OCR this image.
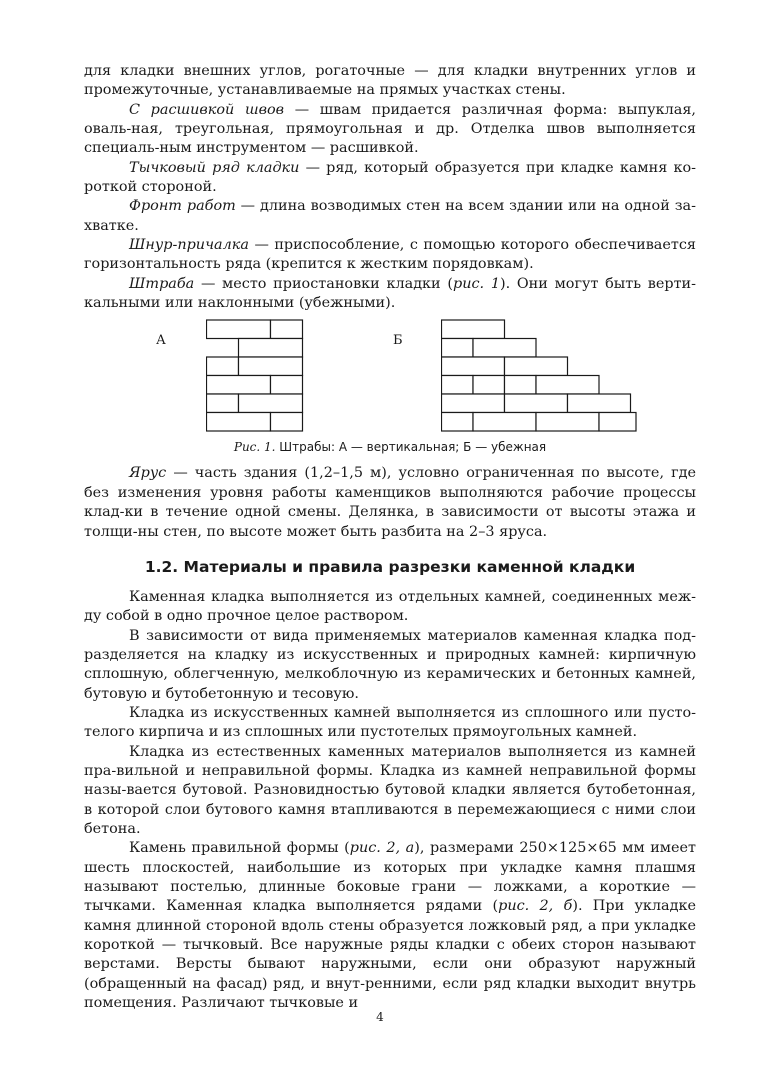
для кладки внешних углов, рогаточные — для кладки внутренних углов и промежуточные, устанавливаемые на прямых участках стены.

С расшивкой швов — швам придается различная форма: выпуклая, оваль-ная, треугольная, прямоугольная и др. Отделка швов выполняется специаль-ным инструментом — расшивкой.

Тычковый ряд кладки — ряд, который образуется при кладке камня ко-роткой стороной.

Фронт работ — длина возводимых стен на всем здании или на одной за-хватке.

Шнур-причалка — приспособление, с помощью которого обеспечивается горизонтальность ряда (крепится к жестким порядовкам).

Штраба — место приостановки кладки (рис. 1). Они могут быть верти-кальными или наклонными (убежными).

А	Б
Рис. 1. Штрабы: А — вертикальная; Б — убежная

Ярус — часть здания (1,2–1,5 м), условно ограниченная по высоте, где без изменения уровня работы каменщиков выполняются рабочие процессы клад-ки в течение одной смены. Делянка, в зависимости от высоты этажа и толщи-ны стен, по высоте может быть разбита на 2–3 яруса.

1.2. Материалы и правила разрезки каменной кладки

Каменная кладка выполняется из отдельных камней, соединенных меж-ду собой в одно прочное целое раствором.

В зависимости от вида применяемых материалов каменная кладка под-разделяется на кладку из искусственных и природных камней: кирпичную сплошную, облегченную, мелкоблочную из керамических и бетонных камней, бутовую и бутобетонную и тесовую.

Кладка из искусственных камней выполняется из сплошного или пусто-телого кирпича и из сплошных или пустотелых прямоугольных камней.

Кладка из естественных каменных материалов выполняется из камней пра-вильной и неправильной формы. Кладка из камней неправильной формы назы-вается бутовой. Разновидностью бутовой кладки является бутобетонная, в которой слои бутового камня втапливаются в перемежающиеся с ними слои бетона.

Камень правильной формы (рис. 2, а), размерами 250×125×65 мм имеет шесть плоскостей, наибольшие из которых при укладке камня плашмя называют постелью, длинные боковые грани — ложками, а короткие — тычками. Каменная кладка выполняется рядами (рис. 2, б). При укладке камня длинной стороной вдоль стены образуется ложковый ряд, а при укладке короткой — тычковый. Все наружные ряды кладки с обеих сторон называют верстами. Версты бывают наружными, если они образуют наружный (обращенный на фасад) ряд, и внут-ренними, если ряд кладки выходит внутрь помещения. Различают тычковые и

4
